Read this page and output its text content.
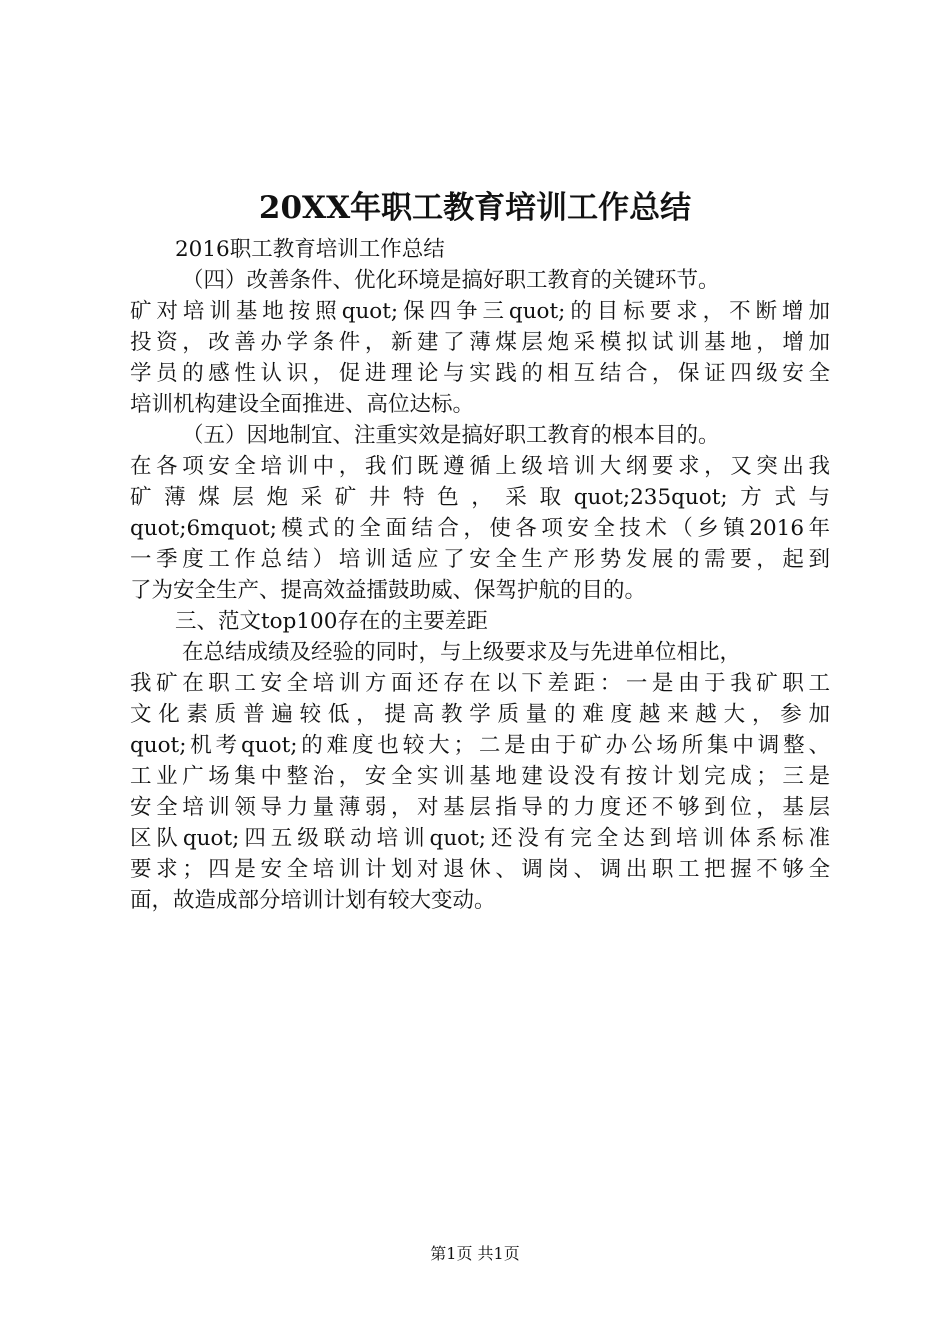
20XX年职工教育培训工作总结
2016职工教育培训工作总结
（四）改善条件、优化环境是搞好职工教育的关键环节。
矿对培训基地按照quot;保四争三quot;的目标要求，不断增加
投资，改善办学条件，新建了薄煤层炮采模拟试训基地，增加
学员的感性认识，促进理论与实践的相互结合，保证四级安全
培训机构建设全面推进、高位达标。
（五）因地制宜、注重实效是搞好职工教育的根本目的。
在各项安全培训中，我们既遵循上级培训大纲要求，又突出我
矿薄煤层炮采矿井特色，采取quot;235quot;方式与
quot;6mquot;模式的全面结合，使各项安全技术（乡镇2016年
一季度工作总结）培训适应了安全生产形势发展的需要，起到
了为安全生产、提高效益擂鼓助威、保驾护航的目的。
三、范文top100存在的主要差距
在总结成绩及经验的同时，与上级要求及与先进单位相比，
我矿在职工安全培训方面还存在以下差距：一是由于我矿职工
文化素质普遍较低，提高教学质量的难度越来越大，参加
quot;机考quot;的难度也较大；二是由于矿办公场所集中调整、
工业广场集中整治，安全实训基地建设没有按计划完成；三是
安全培训领导力量薄弱，对基层指导的力度还不够到位，基层
区队quot;四五级联动培训quot;还没有完全达到培训体系标准
要求；四是安全培训计划对退休、调岗、调出职工把握不够全
面，故造成部分培训计划有较大变动。
第1页 共1页
